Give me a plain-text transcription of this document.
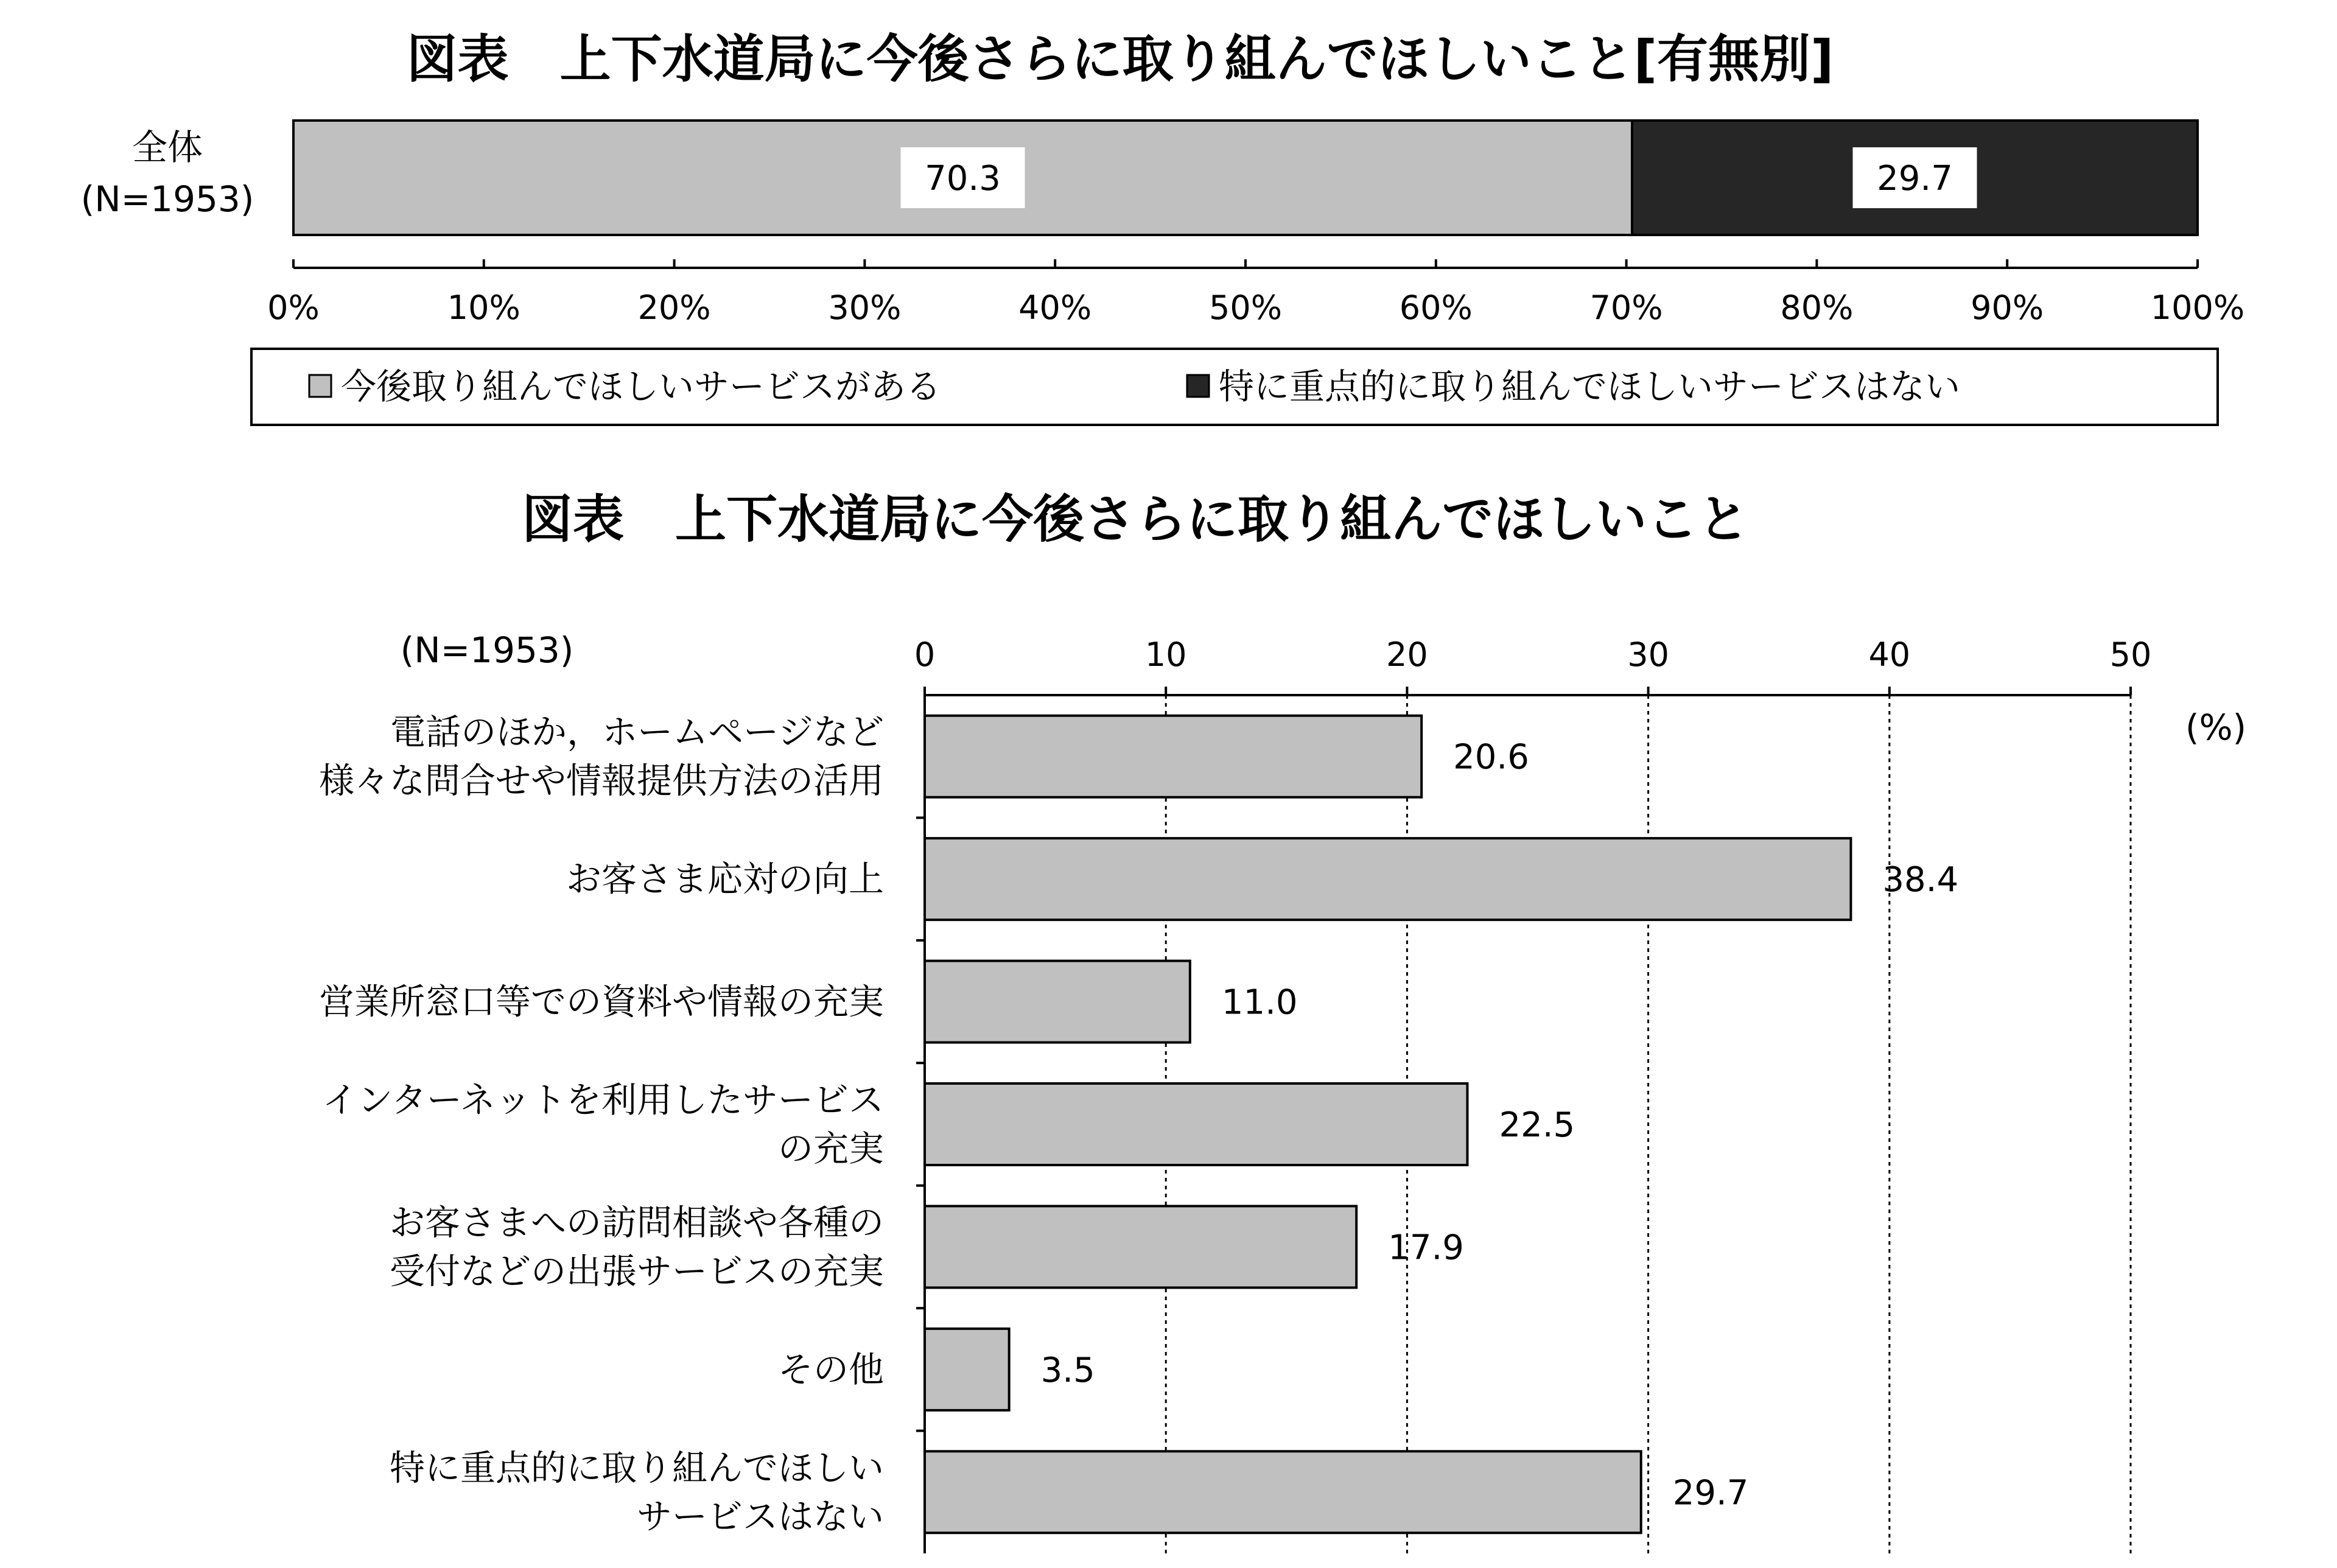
図表　上下水道局に今後さらに取り組んでほしいこと[有無別]
全体
(N=1953)	70.3	29.7
0%	10%	20%	30%	40%	50%	60%	70%	80%	90%	100%
今後取り組んでほしいサービスがある	特に重点的に取り組んでほしいサービスはない
図表　上下水道局に今後さらに取り組んでほしいこと
(N=1953)
(%)
20.6
38.4
11.0
22.5
17.9
3.5
29.7
0	10	20	30	40	50
電話のほか，ホームページなど
様々な問合せや情報提供方法の活用
お客さま応対の向上
営業所窓口等での資料や情報の充実
インターネットを利用したサービス
の充実
お客さまへの訪問相談や各種の
受付などの出張サービスの充実
その他
特に重点的に取り組んでほしい
サービスはない
